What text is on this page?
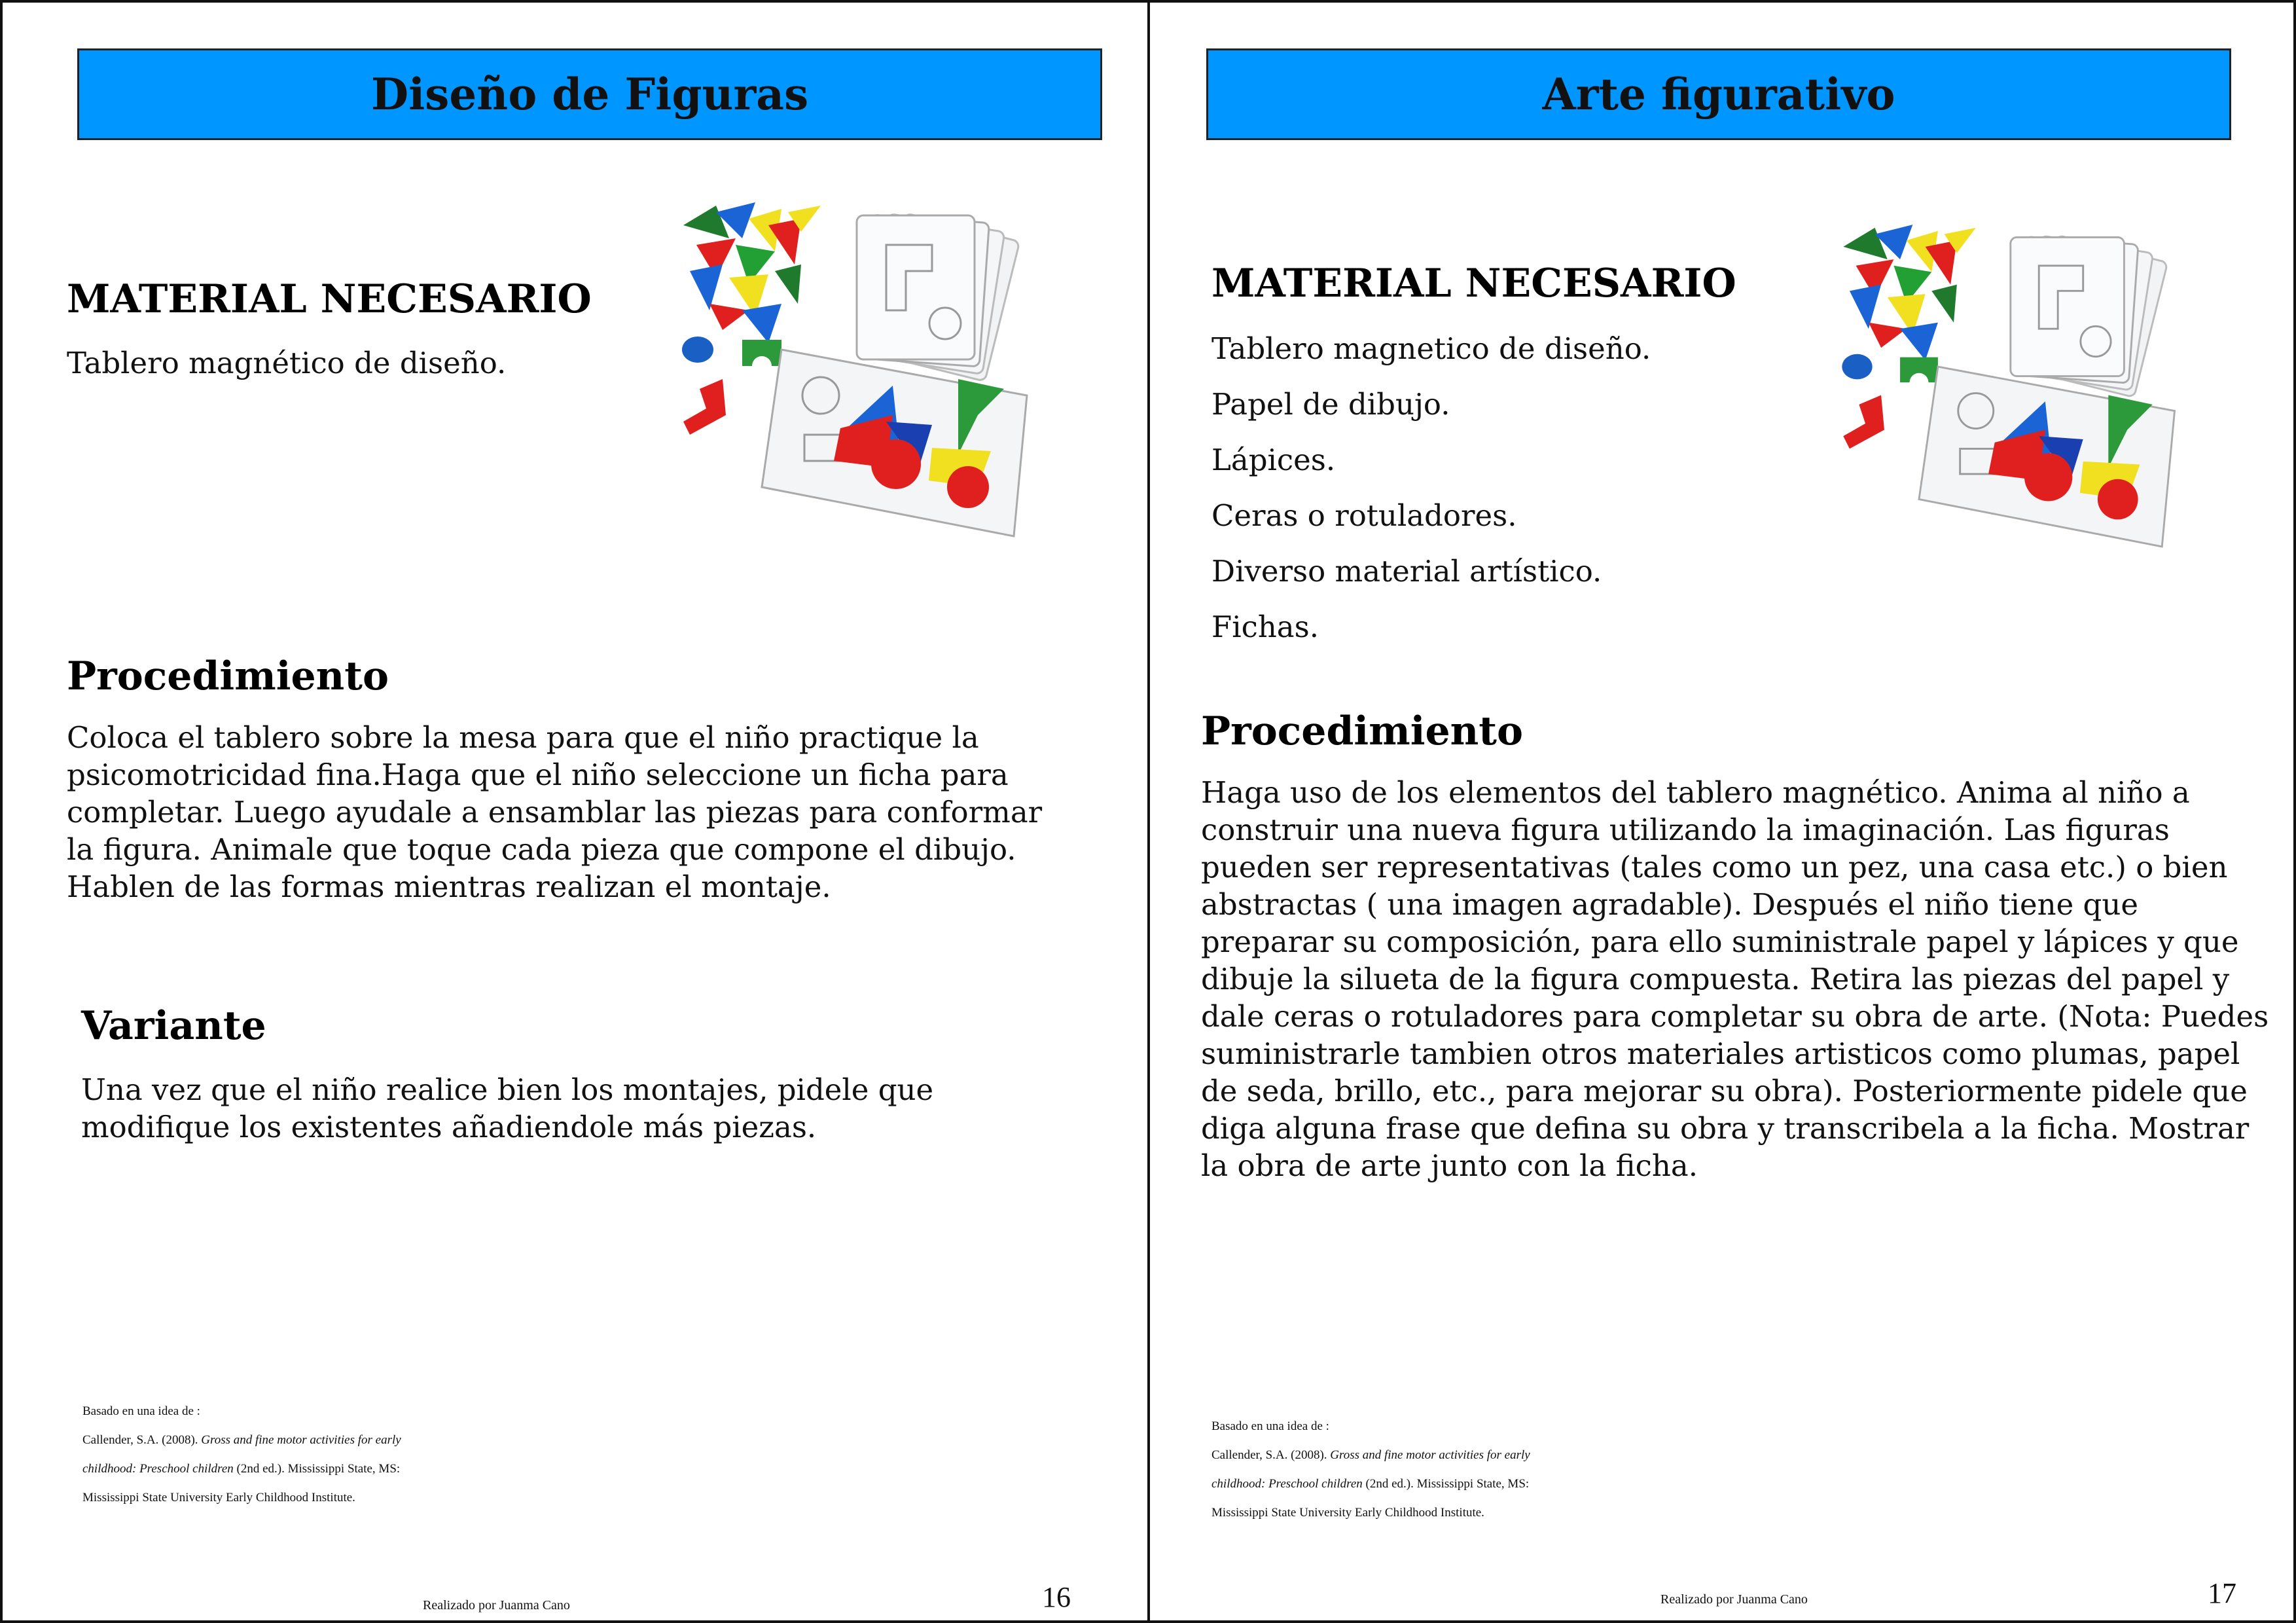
Diseño de Figuras
MATERIAL NECESARIO
Tablero magnético de diseño.
Procedimiento
Coloca el tablero sobre la mesa para que el niño practique la
psicomotricidad fina.Haga que el niño seleccione un ficha para
completar. Luego ayudale a ensamblar las piezas para conformar
la figura. Animale que toque cada pieza que compone el dibujo.
Hablen de las formas mientras realizan el montaje.
Variante
Una vez que el niño realice bien los montajes, pidele que
modifique los existentes añadiendole más piezas.
Basado en una idea de :
Callender, S.A. (2008). Gross and fine motor activities for early
childhood: Preschool children (2nd ed.). Mississippi State, MS:
Mississippi State University Early Childhood Institute.
Realizado por Juanma Cano	16
Arte figurativo
MATERIAL NECESARIO
Tablero magnetico de diseño.
Papel de dibujo.
Lápices.
Ceras o rotuladores.
Diverso material artístico.
Fichas.
Procedimiento
Haga uso de los elementos del tablero magnético. Anima al niño a
construir una nueva figura utilizando la imaginación. Las figuras
pueden ser representativas (tales como un pez, una casa etc.) o bien
abstractas ( una imagen agradable). Después el niño tiene que
preparar su composición, para ello suministrale papel y lápices y que
dibuje la silueta de la figura compuesta. Retira las piezas del papel y
dale ceras o rotuladores para completar su obra de arte. (Nota: Puedes
suministrarle tambien otros materiales artisticos como plumas, papel
de seda, brillo, etc., para mejorar su obra). Posteriormente pidele que
diga alguna frase que defina su obra y transcribela a la ficha. Mostrar
la obra de arte junto con la ficha.
Basado en una idea de :
Callender, S.A. (2008). Gross and fine motor activities for early
childhood: Preschool children (2nd ed.). Mississippi State, MS:
Mississippi State University Early Childhood Institute.
Realizado por Juanma Cano	17
